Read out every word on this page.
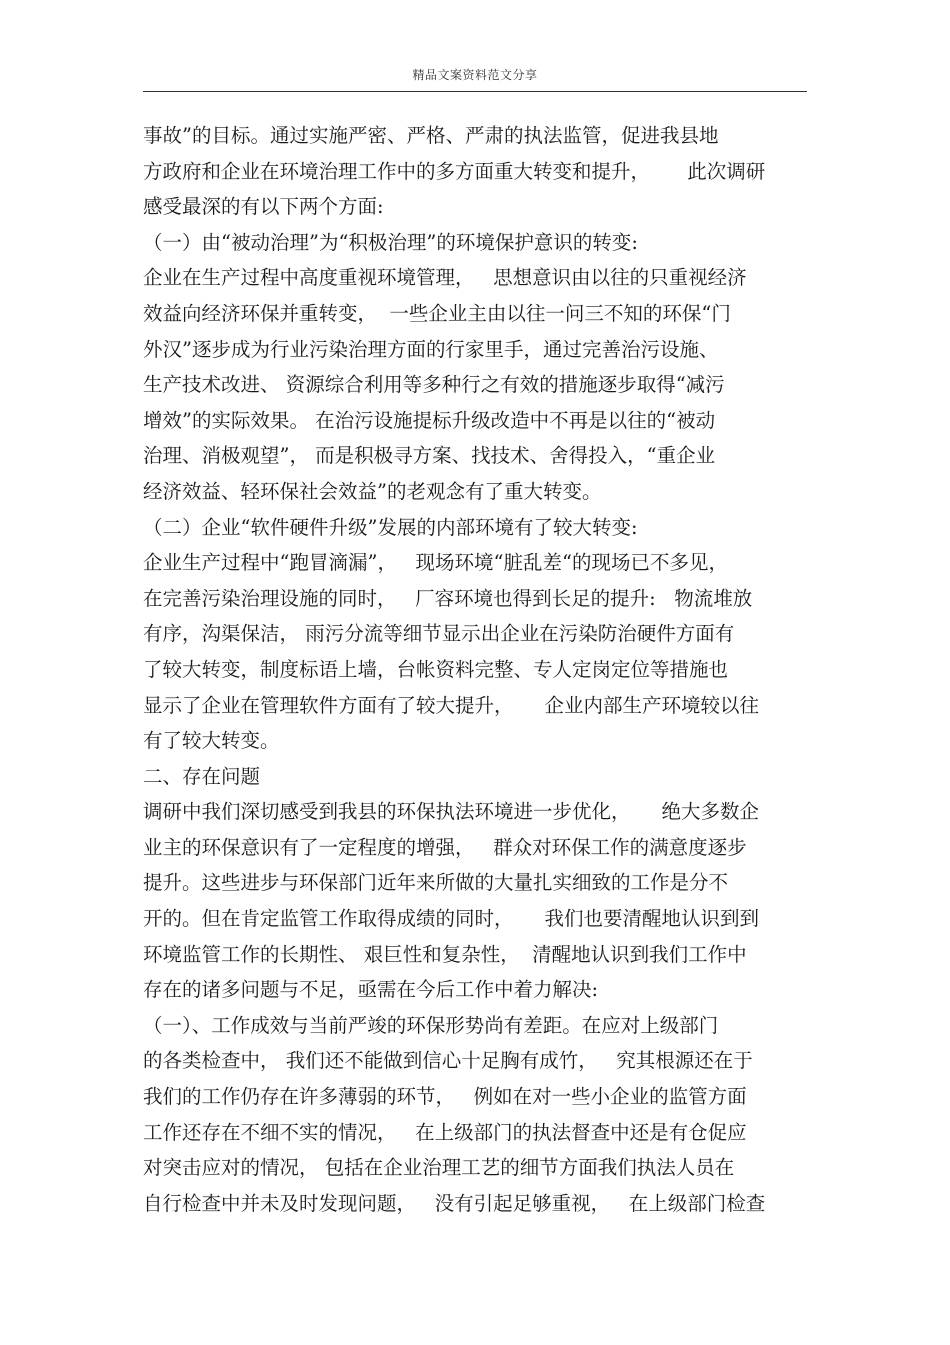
精品文案资料范文分享
事故”的目标。通过实施严密、严格、严肃的执法监管，促进我县地
方政府和企业在环境治理工作中的多方面重大转变和提升，      此次调研
感受最深的有以下两个方面:
（一）由“被动治理”为“积极治理”的环境保护意识的转变:
企业在生产过程中高度重视环境管理，   思想意识由以往的只重视经济
效益向经济环保并重转变，  一些企业主由以往一问三不知的环保“门
外汉”逐步成为行业污染治理方面的行家里手，通过完善治污设施、
生产技术改进、 资源综合利用等多种行之有效的措施逐步取得“减污
增效”的实际效果。 在治污设施提标升级改造中不再是以往的“被动
治理、消极观望”， 而是积极寻方案、找技术、舍得投入，“重企业
经济效益、轻环保社会效益”的老观念有了重大转变。
（二）企业“软件硬件升级”发展的内部环境有了较大转变:
企业生产过程中“跑冒滴漏”，   现场环境“脏乱差“的现场已不多见，
在完善污染治理设施的同时，   厂容环境也得到长足的提升:   物流堆放
有序，沟渠保洁， 雨污分流等细节显示出企业在污染防治硬件方面有
了较大转变，制度标语上墙，台帐资料完整、专人定岗定位等措施也
显示了企业在管理软件方面有了较大提升，     企业内部生产环境较以往
有了较大转变。
二、存在问题
调研中我们深切感受到我县的环保执法环境进一步优化，     绝大多数企
业主的环保意识有了一定程度的增强，   群众对环保工作的满意度逐步
提升。这些进步与环保部门近年来所做的大量扎实细致的工作是分不
开的。但在肯定监管工作取得成绩的同时，     我们也要清醒地认识到到
环境监管工作的长期性、 艰巨性和复杂性，  清醒地认识到我们工作中
存在的诸多问题与不足，亟需在今后工作中着力解决:
（一）、工作成效与当前严竣的环保形势尚有差距。在应对上级部门
的各类检查中， 我们还不能做到信心十足胸有成竹，   究其根源还在于
我们的工作仍存在许多薄弱的环节，   例如在对一些小企业的监管方面
工作还存在不细不实的情况，   在上级部门的执法督查中还是有仓促应
对突击应对的情况， 包括在企业治理工艺的细节方面我们执法人员在
自行检查中并未及时发现问题，   没有引起足够重视，   在上级部门检查
